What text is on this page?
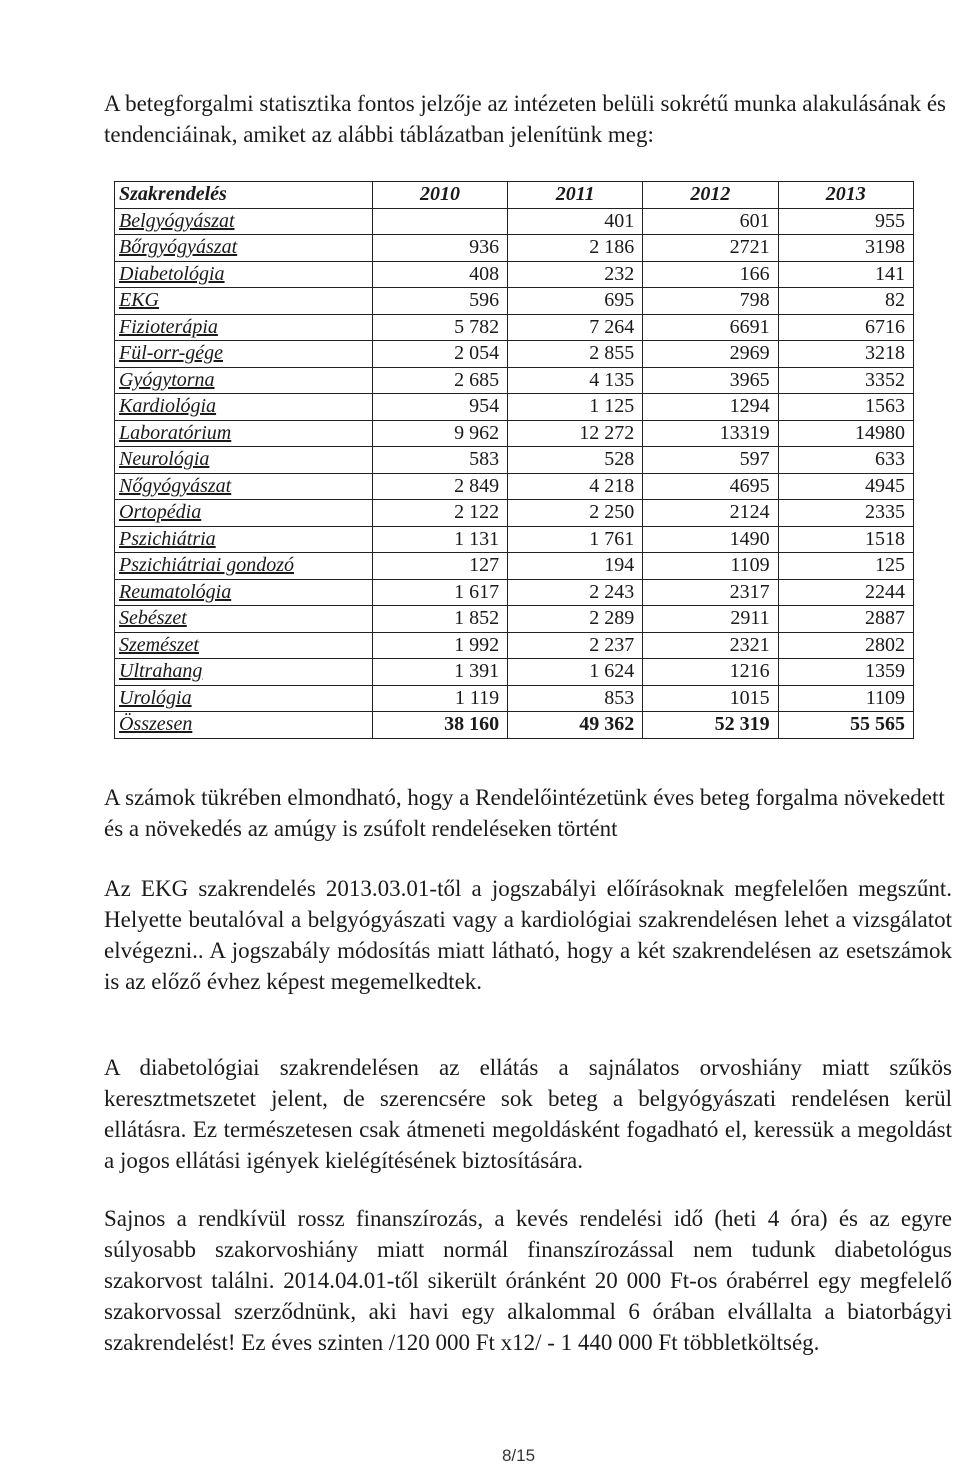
A betegforgalmi statisztika fontos jelzője az intézeten belüli sokrétű munka alakulásának és tendenciáinak, amiket az alábbi táblázatban jelenítünk meg:

Szakrendelés	2010	2011	2012	2013
Belgyógyászat		401	601	955
Bőrgyógyászat	936	2 186	2721	3198
Diabetológia	408	232	166	141
EKG	596	695	798	82
Fizioterápia	5 782	7 264	6691	6716
Fül-orr-gége	2 054	2 855	2969	3218
Gyógytorna	2 685	4 135	3965	3352
Kardiológia	954	1 125	1294	1563
Laboratórium	9 962	12 272	13319	14980
Neurológia	583	528	597	633
Nőgyógyászat	2 849	4 218	4695	4945
Ortopédia	2 122	2 250	2124	2335
Pszichiátria	1 131	1 761	1490	1518
Pszichiátriai gondozó	127	194	1109	125
Reumatológia	1 617	2 243	2317	2244
Sebészet	1 852	2 289	2911	2887
Szemészet	1 992	2 237	2321	2802
Ultrahang	1 391	1 624	1216	1359
Urológia	1 119	853	1015	1109
Összesen	38 160	49 362	52 319	55 565

A számok tükrében elmondható, hogy a Rendelőintézetünk éves beteg forgalma növekedett és a növekedés az amúgy is zsúfolt rendeléseken történt

Az EKG szakrendelés 2013.03.01-től a jogszabályi előírásoknak megfelelően megszűnt. Helyette beutalóval a belgyógyászati vagy a kardiológiai szakrendelésen lehet a vizsgálatot elvégezni.. A jogszabály módosítás miatt látható, hogy a két szakrendelésen az esetszámok is az előző évhez képest megemelkedtek.

A diabetológiai szakrendelésen az ellátás a sajnálatos orvoshiány miatt szűkös keresztmetszetet jelent, de szerencsére sok beteg a belgyógyászati rendelésen kerül ellátásra. Ez természetesen csak átmeneti megoldásként fogadható el, keressük a megoldást a jogos ellátási igények kielégítésének biztosítására.

Sajnos a rendkívül rossz finanszírozás, a kevés rendelési idő (heti 4 óra) és az egyre súlyosabb szakorvoshiány miatt normál finanszírozással nem tudunk diabetológus szakorvost találni. 2014.04.01-től sikerült óránként 20 000 Ft-os órabérrel egy megfelelő szakorvossal szerződnünk, aki havi egy alkalommal 6 órában elvállalta a biatorbágyi szakrendelést! Ez éves szinten /120 000 Ft x12/ - 1 440 000 Ft többletköltség.

8/15
